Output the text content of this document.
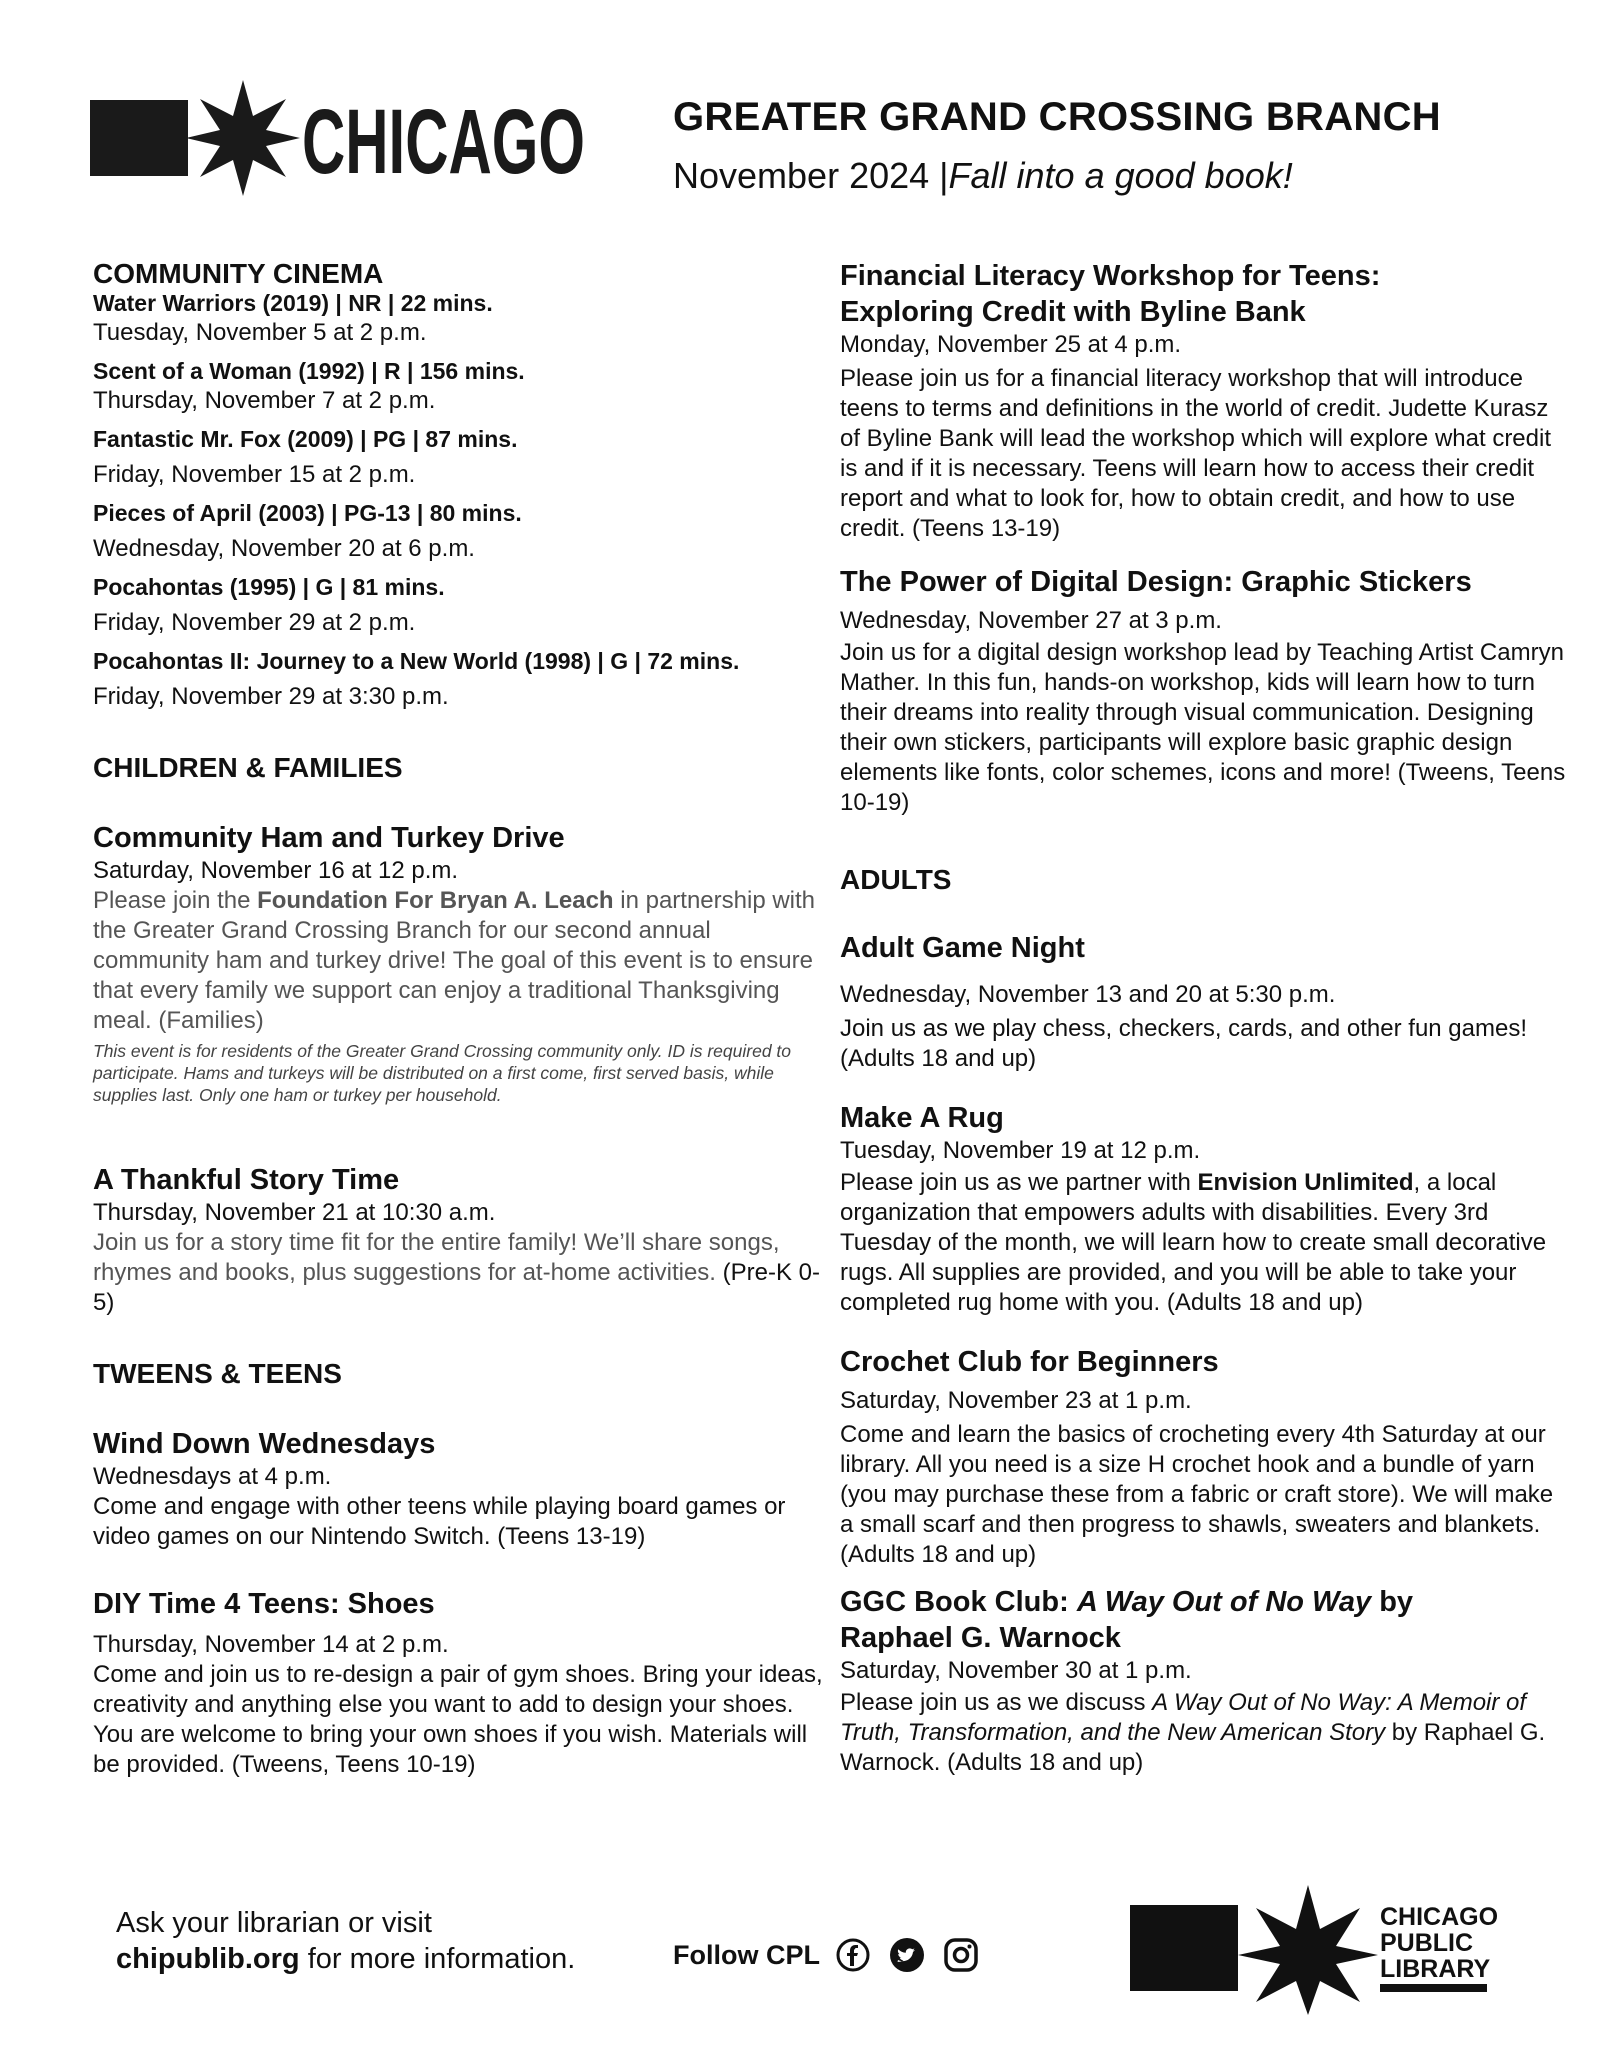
CHICAGO GREATER GRAND CROSSING BRANCH
November 2024 |Fall into a good book!
COMMUNITY CINEMA
Water Warriors (2019) | NR | 22 mins.
Tuesday, November 5 at 2 p.m.
Scent of a Woman (1992) | R | 156 mins.
Thursday, November 7 at 2 p.m.
Fantastic Mr. Fox (2009) | PG | 87 mins.
Friday, November 15 at 2 p.m.
Pieces of April (2003) | PG-13 | 80 mins.
Wednesday, November 20 at 6 p.m.
Pocahontas (1995) | G | 81 mins.
Friday, November 29 at 2 p.m.
Pocahontas II: Journey to a New World (1998) | G | 72 mins.
Friday, November 29 at 3:30 p.m.
CHILDREN & FAMILIES
Community Ham and Turkey Drive
Saturday, November 16 at 12 p.m.
Please join the Foundation For Bryan A. Leach in partnership with the Greater Grand Crossing Branch for our second annual community ham and turkey drive! The goal of this event is to ensure that every family we support can enjoy a traditional Thanksgiving meal. (Families)
This event is for residents of the Greater Grand Crossing community only. ID is required to participate. Hams and turkeys will be distributed on a first come, first served basis, while supplies last. Only one ham or turkey per household.
A Thankful Story Time
Thursday, November 21 at 10:30 a.m.
Join us for a story time fit for the entire family! We’ll share songs, rhymes and books, plus suggestions for at-home activities. (Pre-K 0-5)
TWEENS & TEENS
Wind Down Wednesdays
Wednesdays at 4 p.m.
Come and engage with other teens while playing board games or video games on our Nintendo Switch. (Teens 13-19)
DIY Time 4 Teens: Shoes
Thursday, November 14 at 2 p.m.
Come and join us to re-design a pair of gym shoes. Bring your ideas, creativity and anything else you want to add to design your shoes. You are welcome to bring your own shoes if you wish. Materials will be provided. (Tweens, Teens 10-19)
Financial Literacy Workshop for Teens:
Exploring Credit with Byline Bank
Monday, November 25 at 4 p.m.
Please join us for a financial literacy workshop that will introduce teens to terms and definitions in the world of credit. Judette Kurasz of Byline Bank will lead the workshop which will explore what credit is and if it is necessary. Teens will learn how to access their credit report and what to look for, how to obtain credit, and how to use credit. (Teens 13-19)
The Power of Digital Design: Graphic Stickers
Wednesday, November 27 at 3 p.m.
Join us for a digital design workshop lead by Teaching Artist Camryn Mather. In this fun, hands-on workshop, kids will learn how to turn their dreams into reality through visual communication. Designing their own stickers, participants will explore basic graphic design elements like fonts, color schemes, icons and more! (Tweens, Teens 10-19)
ADULTS
Adult Game Night
Wednesday, November 13 and 20 at 5:30 p.m.
Join us as we play chess, checkers, cards, and other fun games! (Adults 18 and up)
Make A Rug
Tuesday, November 19 at 12 p.m.
Please join us as we partner with Envision Unlimited, a local organization that empowers adults with disabilities. Every 3rd Tuesday of the month, we will learn how to create small decorative rugs. All supplies are provided, and you will be able to take your completed rug home with you. (Adults 18 and up)
Crochet Club for Beginners
Saturday, November 23 at 1 p.m.
Come and learn the basics of crocheting every 4th Saturday at our library. All you need is a size H crochet hook and a bundle of yarn (you may purchase these from a fabric or craft store). We will make a small scarf and then progress to shawls, sweaters and blankets. (Adults 18 and up)
GGC Book Club: A Way Out of No Way by
Raphael G. Warnock
Saturday, November 30 at 1 p.m.
Please join us as we discuss A Way Out of No Way: A Memoir of Truth, Transformation, and the New American Story by Raphael G. Warnock. (Adults 18 and up)
Ask your librarian or visit
chipublib.org for more information.	Follow CPL
CHICAGO
PUBLIC
LIBRARY
